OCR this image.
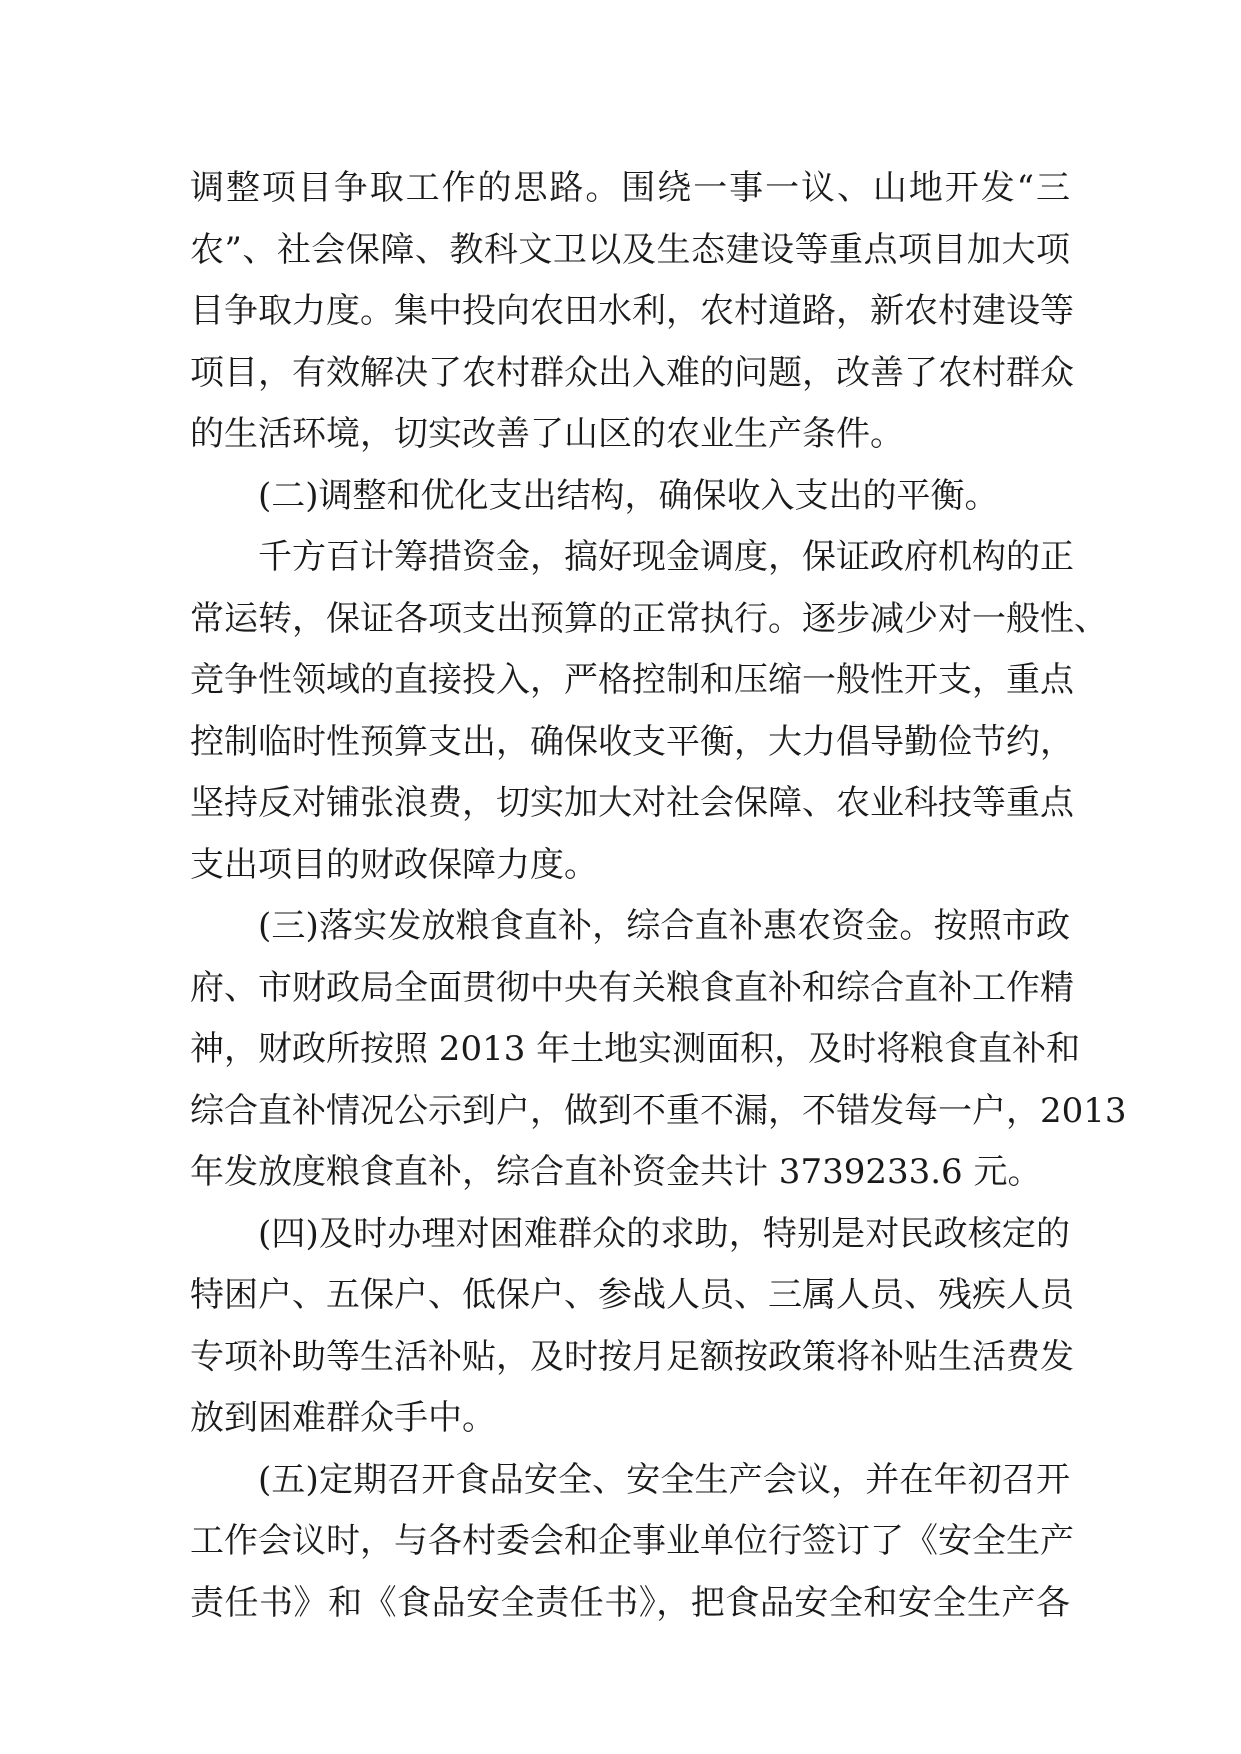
调整项目争取工作的思路。围绕一事一议、山地开发“三
农”、社会保障、教科文卫以及生态建设等重点项目加大项
目争取力度。集中投向农田水利，农村道路，新农村建设等
项目，有效解决了农村群众出入难的问题，改善了农村群众
的生活环境，切实改善了山区的农业生产条件。
(二)调整和优化支出结构，确保收入支出的平衡。
千方百计筹措资金，搞好现金调度，保证政府机构的正
常运转，保证各项支出预算的正常执行。逐步减少对一般性、
竞争性领域的直接投入，严格控制和压缩一般性开支，重点
控制临时性预算支出，确保收支平衡，大力倡导勤俭节约，
坚持反对铺张浪费，切实加大对社会保障、农业科技等重点
支出项目的财政保障力度。
(三)落实发放粮食直补，综合直补惠农资金。按照市政
府、市财政局全面贯彻中央有关粮食直补和综合直补工作精
神，财政所按照 2013 年土地实测面积，及时将粮食直补和
综合直补情况公示到户，做到不重不漏，不错发每一户，2013
年发放度粮食直补，综合直补资金共计 3739233.6 元。
(四)及时办理对困难群众的求助，特别是对民政核定的
特困户、五保户、低保户、参战人员、三属人员、残疾人员
专项补助等生活补贴，及时按月足额按政策将补贴生活费发
放到困难群众手中。
(五)定期召开食品安全、安全生产会议，并在年初召开
工作会议时，与各村委会和企事业单位行签订了《安全生产
责任书》和《食品安全责任书》，把食品安全和安全生产各
